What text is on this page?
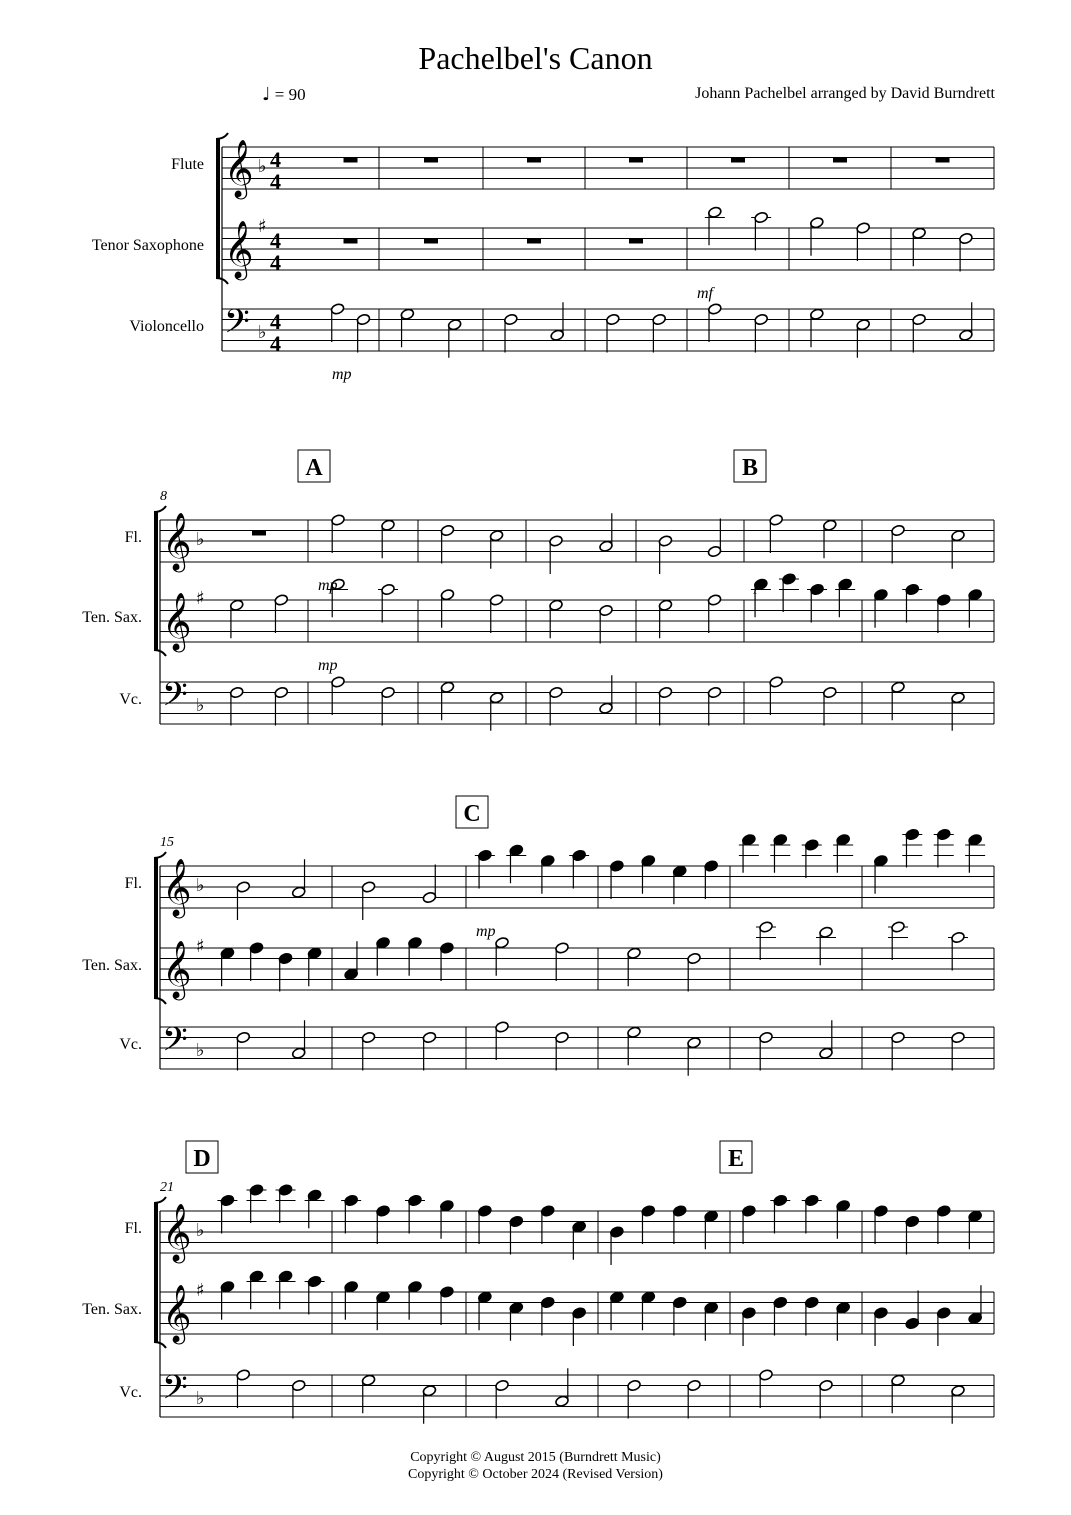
Pachelbel's Canon
♩ = 90	Johann Pachelbel arranged by David Burndrett
Flute 𝄞 ♭ 4
4
Tenor Saxophone 𝄞 ♯
4
4
Violoncello 𝄢 ♭ 4
4
mf
mp
Fl. 𝄞 ♭
Ten. Sax. 𝄞 ♯
Vc. 𝄢 ♭
8
mp	p
mp
A	B
Fl. 𝄞 ♭
Ten. Sax. 𝄞 ♯
Vc. 𝄢 ♭
15
mp
C
Fl. 𝄞 ♭
Ten. Sax. 𝄞 ♯
Vc. 𝄢 ♭
21
D	E
Copyright © August 2015 (Burndrett Music)
Copyright © October 2024 (Revised Version)
